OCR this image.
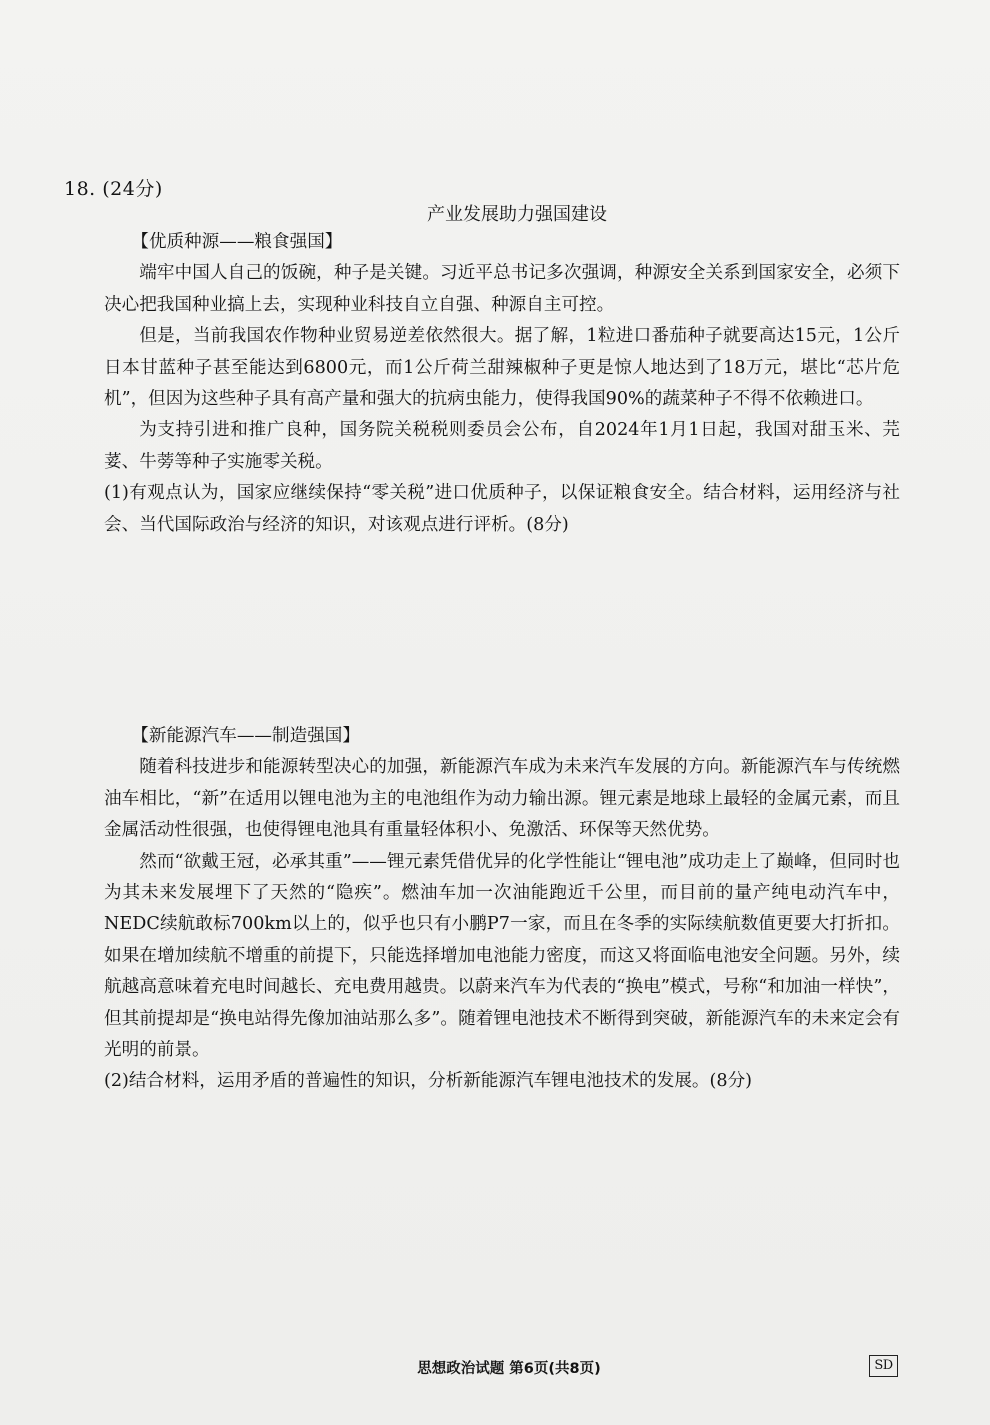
18. (24分)
产业发展助力强国建设

【优质种源——粮食强国】

端牢中国人自己的饭碗，种子是关键。习近平总书记多次强调，种源安全关系到国家安全，必须下决心把我国种业搞上去，实现种业科技自立自强、种源自主可控。

但是，当前我国农作物种业贸易逆差依然很大。据了解，1粒进口番茄种子就要高达15元，1公斤日本甘蓝种子甚至能达到6800元，而1公斤荷兰甜辣椒种子更是惊人地达到了18万元，堪比“芯片危机”，但因为这些种子具有高产量和强大的抗病虫能力，使得我国90%的蔬菜种子不得不依赖进口。

为支持引进和推广良种，国务院关税税则委员会公布，自2024年1月1日起，我国对甜玉米、芫荽、牛蒡等种子实施零关税。

(1)有观点认为，国家应继续保持“零关税”进口优质种子，以保证粮食安全。结合材料，运用经济与社会、当代国际政治与经济的知识，对该观点进行评析。(8分)

【新能源汽车——制造强国】

随着科技进步和能源转型决心的加强，新能源汽车成为未来汽车发展的方向。新能源汽车与传统燃油车相比，“新”在适用以锂电池为主的电池组作为动力输出源。锂元素是地球上最轻的金属元素，而且金属活动性很强，也使得锂电池具有重量轻体积小、免激活、环保等天然优势。

然而“欲戴王冠，必承其重”——锂元素凭借优异的化学性能让“锂电池”成功走上了巅峰，但同时也为其未来发展埋下了天然的“隐疾”。燃油车加一次油能跑近千公里，而目前的量产纯电动汽车中，NEDC续航敢标700km以上的，似乎也只有小鹏P7一家，而且在冬季的实际续航数值更要大打折扣。如果在增加续航不增重的前提下，只能选择增加电池能力密度，而这又将面临电池安全问题。另外，续航越高意味着充电时间越长、充电费用越贵。以蔚来汽车为代表的“换电”模式，号称“和加油一样快”，但其前提却是“换电站得先像加油站那么多”。随着锂电池技术不断得到突破，新能源汽车的未来定会有光明的前景。

(2)结合材料，运用矛盾的普遍性的知识，分析新能源汽车锂电池技术的发展。(8分)

思想政治试题 第6页(共8页)	SD
